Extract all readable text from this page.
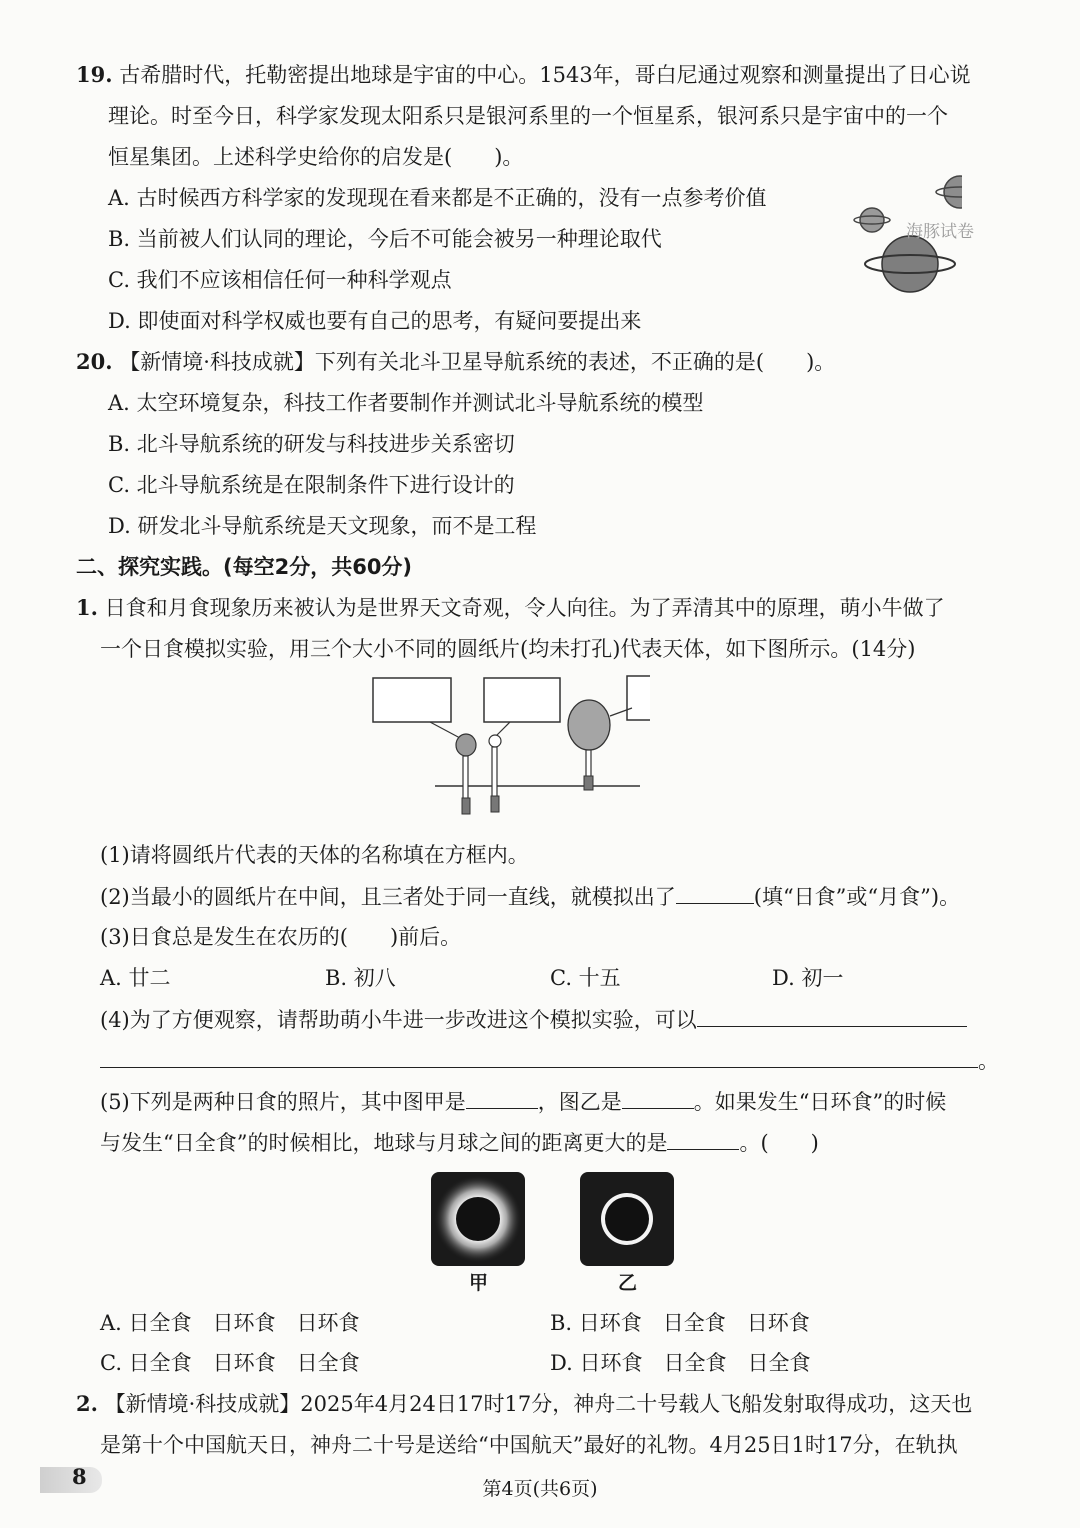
19. 古希腊时代，托勒密提出地球是宇宙的中心。1543年，哥白尼通过观察和测量提出了日心说
理论。时至今日，科学家发现太阳系只是银河系里的一个恒星系，银河系只是宇宙中的一个
恒星集团。上述科学史给你的启发是(　　)。
A. 古时候西方科学家的发现现在看来都是不正确的，没有一点参考价值
B. 当前被人们认同的理论，今后不可能会被另一种理论取代
C. 我们不应该相信任何一种科学观点
D. 即使面对科学权威也要有自己的思考，有疑问要提出来
海豚试卷
20. 【新情境·科技成就】下列有关北斗卫星导航系统的表述，不正确的是(　　)。
A. 太空环境复杂，科技工作者要制作并测试北斗导航系统的模型
B. 北斗导航系统的研发与科技进步关系密切
C. 北斗导航系统是在限制条件下进行设计的
D. 研发北斗导航系统是天文现象，而不是工程
二、探究实践。(每空2分，共60分)
1. 日食和月食现象历来被认为是世界天文奇观，令人向往。为了弄清其中的原理，萌小牛做了
一个日食模拟实验，用三个大小不同的圆纸片(均未打孔)代表天体，如下图所示。(14分)
(1)请将圆纸片代表的天体的名称填在方框内。
(2)当最小的圆纸片在中间，且三者处于同一直线，就模拟出了	(填“日食”或“月食”)。
(3)日食总是发生在农历的(　　)前后。
A. 廿二	B. 初八	C. 十五	D. 初一
(4)为了方便观察，请帮助萌小牛进一步改进这个模拟实验，可以
。
(5)下列是两种日食的照片，其中图甲是	，图乙是	。如果发生“日环食”的时候
与发生“日全食”的时候相比，地球与月球之间的距离更大的是	。(　　)
甲	乙
A. 日全食　日环食　日环食	B. 日环食　日全食　日环食
C. 日全食　日环食　日全食	D. 日环食　日全食　日全食
2. 【新情境·科技成就】2025年4月24日17时17分，神舟二十号载人飞船发射取得成功，这天也
是第十个中国航天日，神舟二十号是送给“中国航天”最好的礼物。4月25日1时17分，在轨执
8	第4页(共6页)
